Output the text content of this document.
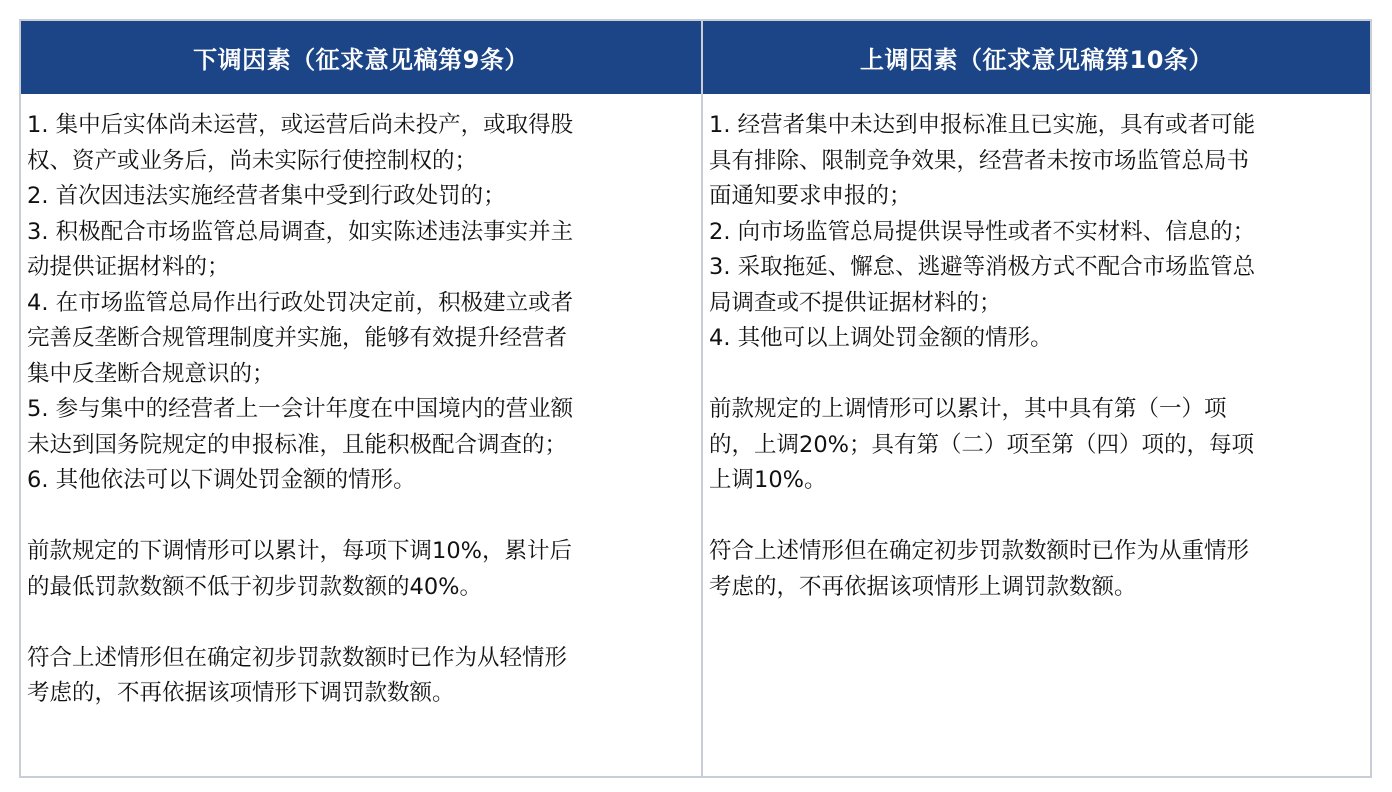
下调因素（征求意见稿第9条）	上调因素（征求意见稿第10条）
1. 集中后实体尚未运营，或运营后尚未投产，或取得股
权、资产或业务后，尚未实际行使控制权的；
2. 首次因违法实施经营者集中受到行政处罚的；
3. 积极配合市场监管总局调查，如实陈述违法事实并主
动提供证据材料的；
4. 在市场监管总局作出行政处罚决定前，积极建立或者
完善反垄断合规管理制度并实施，能够有效提升经营者
集中反垄断合规意识的；
5. 参与集中的经营者上一会计年度在中国境内的营业额
未达到国务院规定的申报标准，且能积极配合调查的；
6. 其他依法可以下调处罚金额的情形。
前款规定的下调情形可以累计，每项下调10%，累计后
的最低罚款数额不低于初步罚款数额的40%。
符合上述情形但在确定初步罚款数额时已作为从轻情形
考虑的，不再依据该项情形下调罚款数额。
1. 经营者集中未达到申报标准且已实施，具有或者可能
具有排除、限制竞争效果，经营者未按市场监管总局书
面通知要求申报的；
2. 向市场监管总局提供误导性或者不实材料、信息的；
3. 采取拖延、懈怠、逃避等消极方式不配合市场监管总
局调查或不提供证据材料的；
4. 其他可以上调处罚金额的情形。
前款规定的上调情形可以累计，其中具有第（一）项
的，上调20%；具有第（二）项至第（四）项的，每项
上调10%。
符合上述情形但在确定初步罚款数额时已作为从重情形
考虑的，不再依据该项情形上调罚款数额。
